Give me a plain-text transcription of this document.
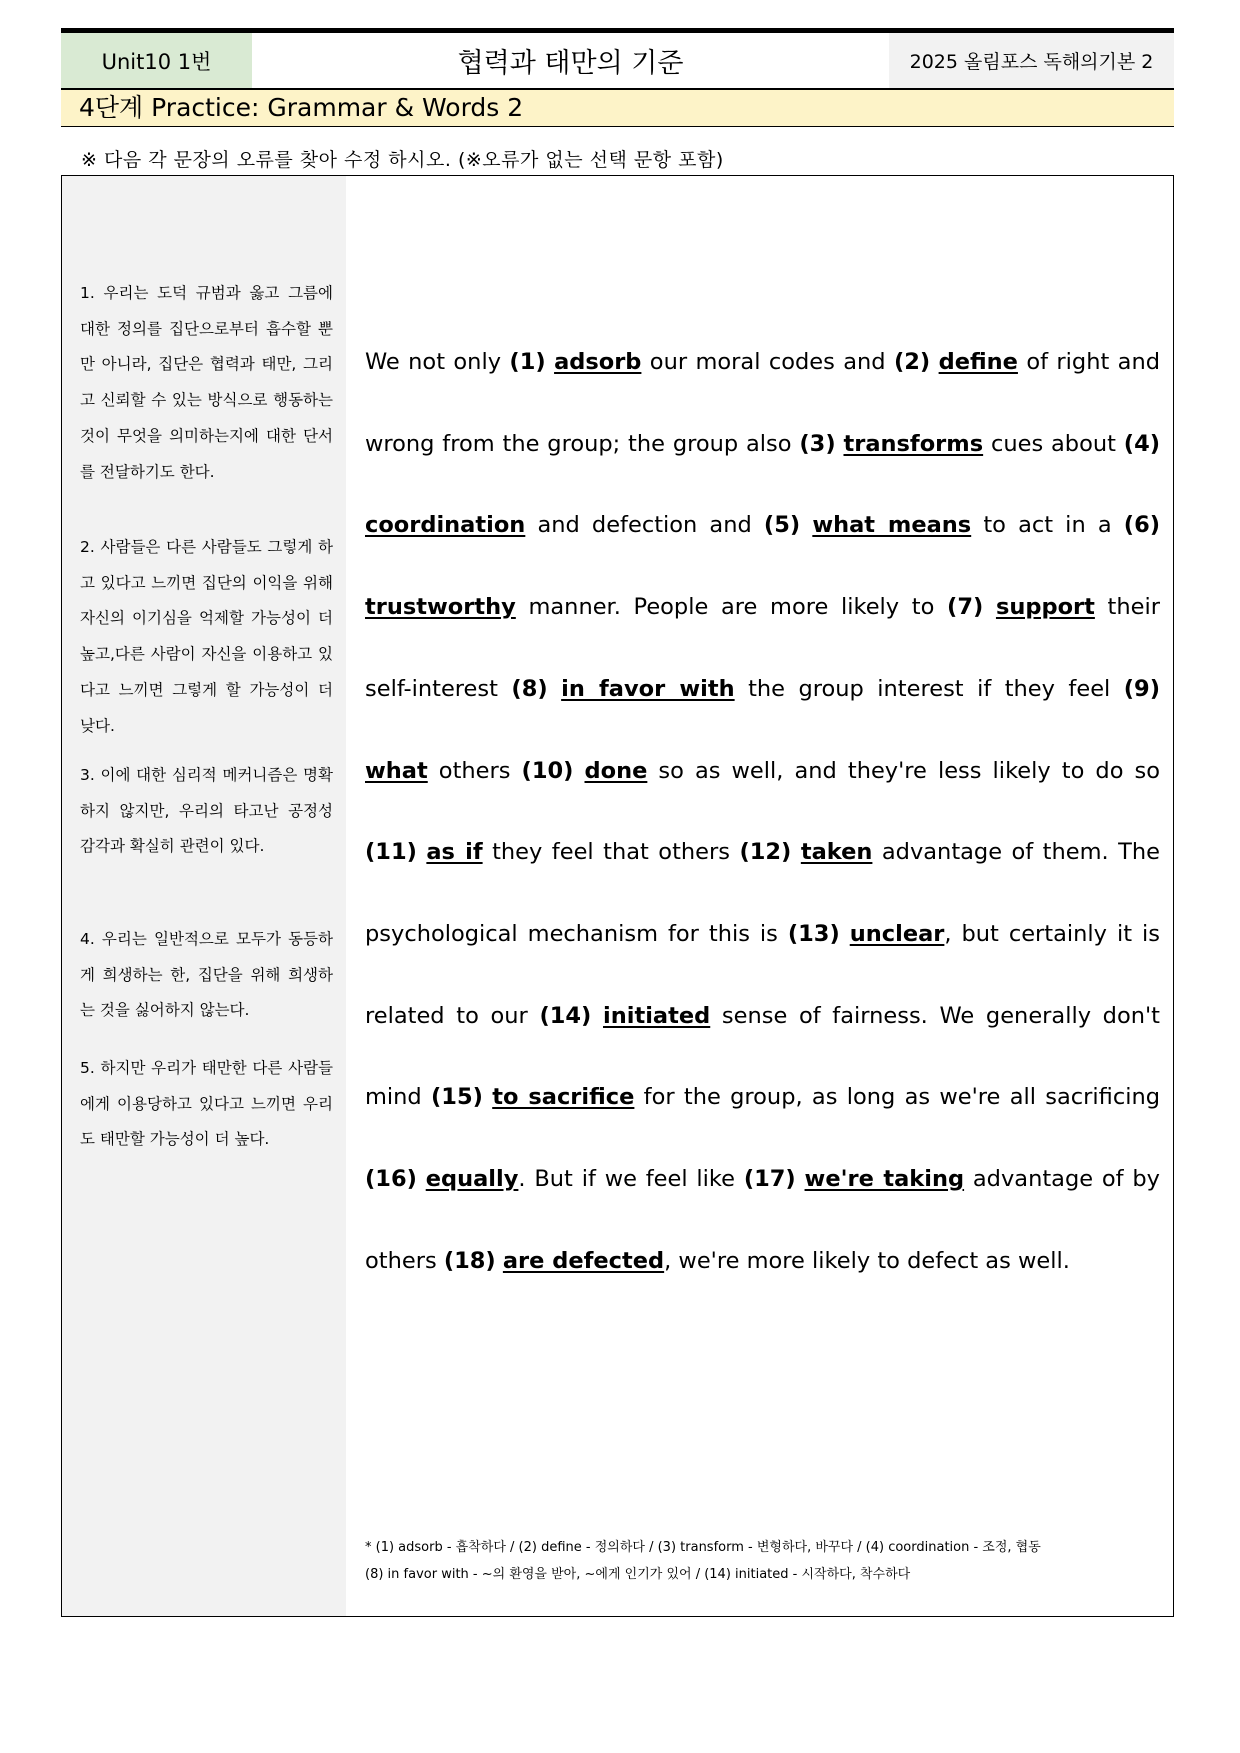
Unit10 1번	협력과 태만의 기준	2025 올림포스 독해의기본 2
4단계 Practice: Grammar & Words 2
※ 다음 각 문장의 오류를 찾아 수정 하시오. (※오류가 없는 선택 문항 포함)
1. 우리는 도덕 규범과 옳고 그름에 대한 정의를 집단으로부터 흡수할 뿐만 아니라, 집단은 협력과 태만, 그리고 신뢰할 수 있는 방식으로 행동하는 것이 무엇을 의미하는지에 대한 단서를 전달하기도 한다.
2. 사람들은 다른 사람들도 그렇게 하고 있다고 느끼면 집단의 이익을 위해 자신의 이기심을 억제할 가능성이 더 높고,다른 사람이 자신을 이용하고 있다고 느끼면 그렇게 할 가능성이 더 낮다.
3. 이에 대한 심리적 메커니즘은 명확하지 않지만, 우리의 타고난 공정성 감각과 확실히 관련이 있다.
4. 우리는 일반적으로 모두가 동등하게 희생하는 한, 집단을 위해 희생하는 것을 싫어하지 않는다.
5. 하지만 우리가 태만한 다른 사람들에게 이용당하고 있다고 느끼면 우리도 태만할 가능성이 더 높다.
We not only (1) adsorb our moral codes and (2) define of right and wrong from the group; the group also (3) transforms cues about (4) coordination and defection and (5) what means to act in a (6) trustworthy manner. People are more likely to (7) support their self-interest (8) in favor with the group interest if they feel (9) what others (10) done so as well, and they're less likely to do so (11) as if they feel that others (12) taken advantage of them. The psychological mechanism for this is (13) unclear, but certainly it is related to our (14) initiated sense of fairness. We generally don't mind (15) to sacrifice for the group, as long as we're all sacrificing (16) equally. But if we feel like (17) we're taking advantage of by others (18) are defected, we're more likely to defect as well.
* (1) adsorb - 흡착하다 / (2) define - 정의하다 / (3) transform - 변형하다, 바꾸다 / (4) coordination - 조정, 협동
(8) in favor with - ~의 환영을 받아, ~에게 인기가 있어 / (14) initiated - 시작하다, 착수하다
